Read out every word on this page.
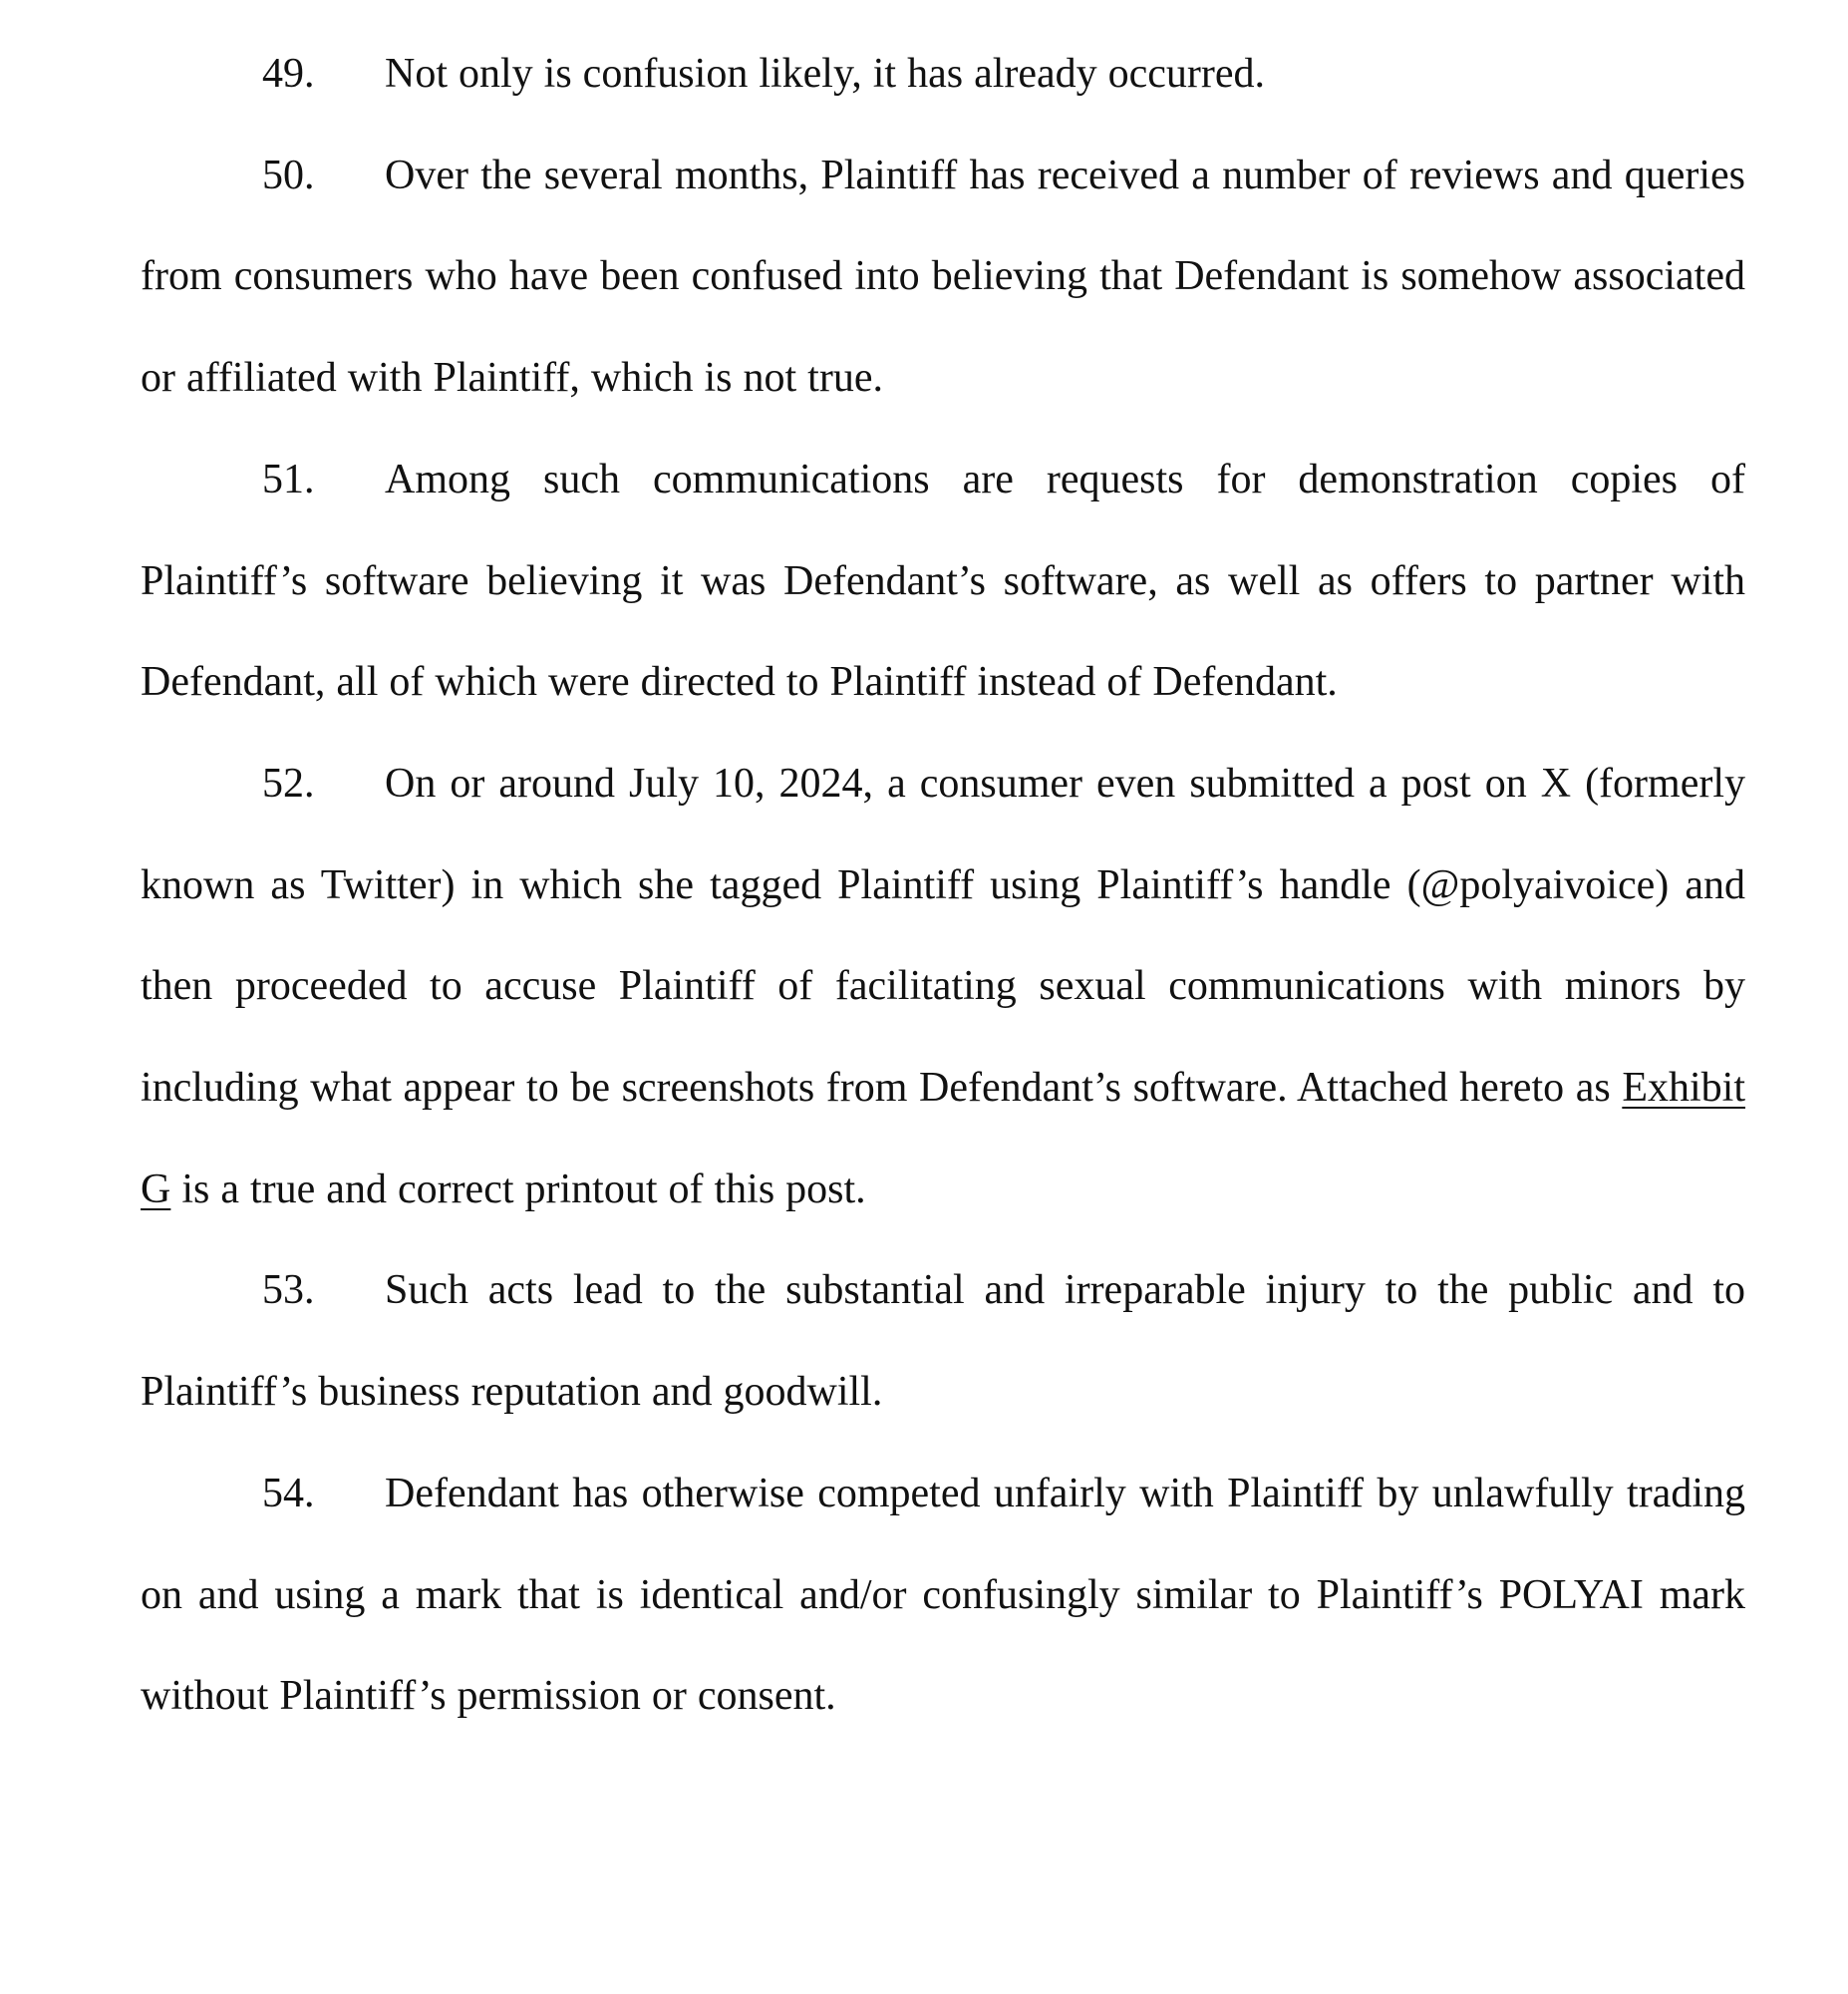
49. Not only is confusion likely, it has already occurred.

50. Over the several months, Plaintiff has received a number of reviews and queries from consumers who have been confused into believing that Defendant is somehow associated or affiliated with Plaintiff, which is not true.

51. Among such communications are requests for demonstration copies of Plaintiff’s software believing it was Defendant’s software, as well as offers to partner with Defendant, all of which were directed to Plaintiff instead of Defendant.

52. On or around July 10, 2024, a consumer even submitted a post on X (formerly known as Twitter) in which she tagged Plaintiff using Plaintiff’s handle (@polyaivoice) and then proceeded to accuse Plaintiff of facilitating sexual communications with minors by including what appear to be screenshots from Defendant’s software. Attached hereto as Exhibit G is a true and correct printout of this post.

53. Such acts lead to the substantial and irreparable injury to the public and to Plaintiff’s business reputation and goodwill.

54. Defendant has otherwise competed unfairly with Plaintiff by unlawfully trading on and using a mark that is identical and/or confusingly similar to Plaintiff’s POLYAI mark without Plaintiff’s permission or consent.
